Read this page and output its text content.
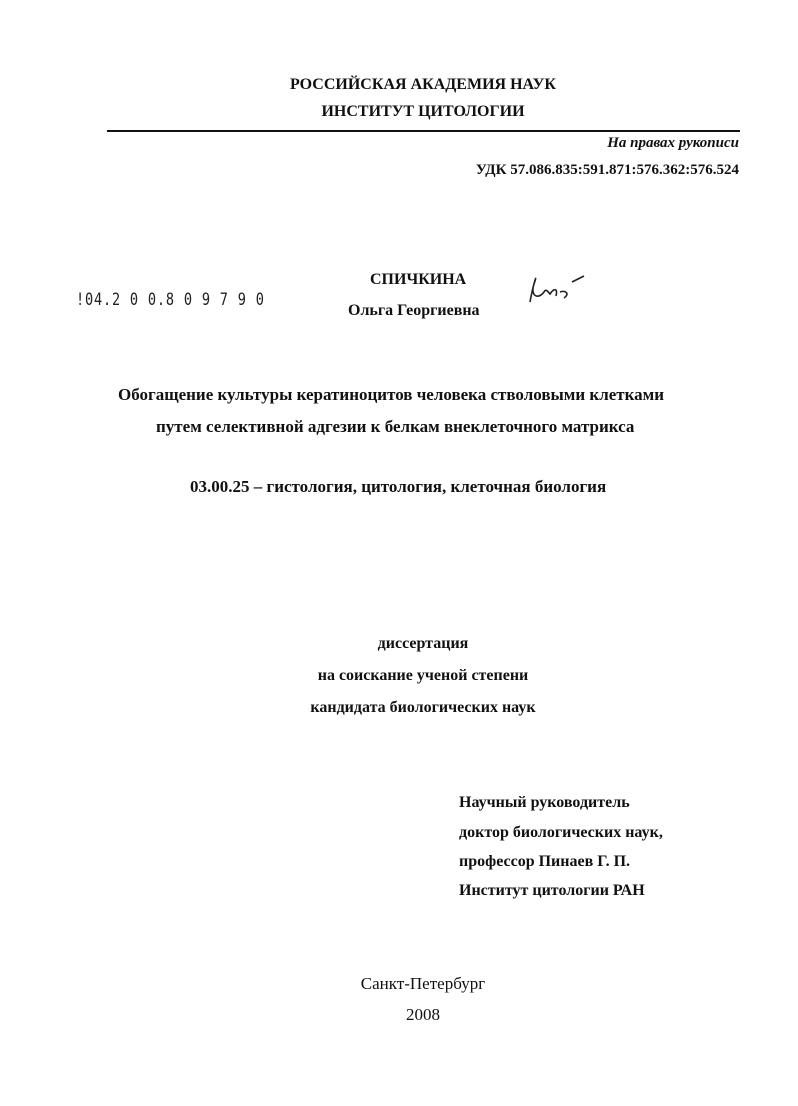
РОССИЙСКАЯ АКАДЕМИЯ НАУК
ИНСТИТУТ ЦИТОЛОГИИ
На правах рукописи
УДК 57.086.835:591.871:576.362:576.524
!04.2 0 0.8 0 9 7 9 0
СПИЧКИНА
Ольга Георгиевна
Обогащение культуры кератиноцитов человека стволовыми клетками
путем селективной адгезии к белкам внеклеточного матрикса
03.00.25 – гистология, цитология, клеточная биология
диссертация
на соискание ученой степени
кандидата биологических наук
Научный руководитель
доктор биологических наук,
профессор Пинаев Г. П.
Институт цитологии РАН
Санкт-Петербург
2008
